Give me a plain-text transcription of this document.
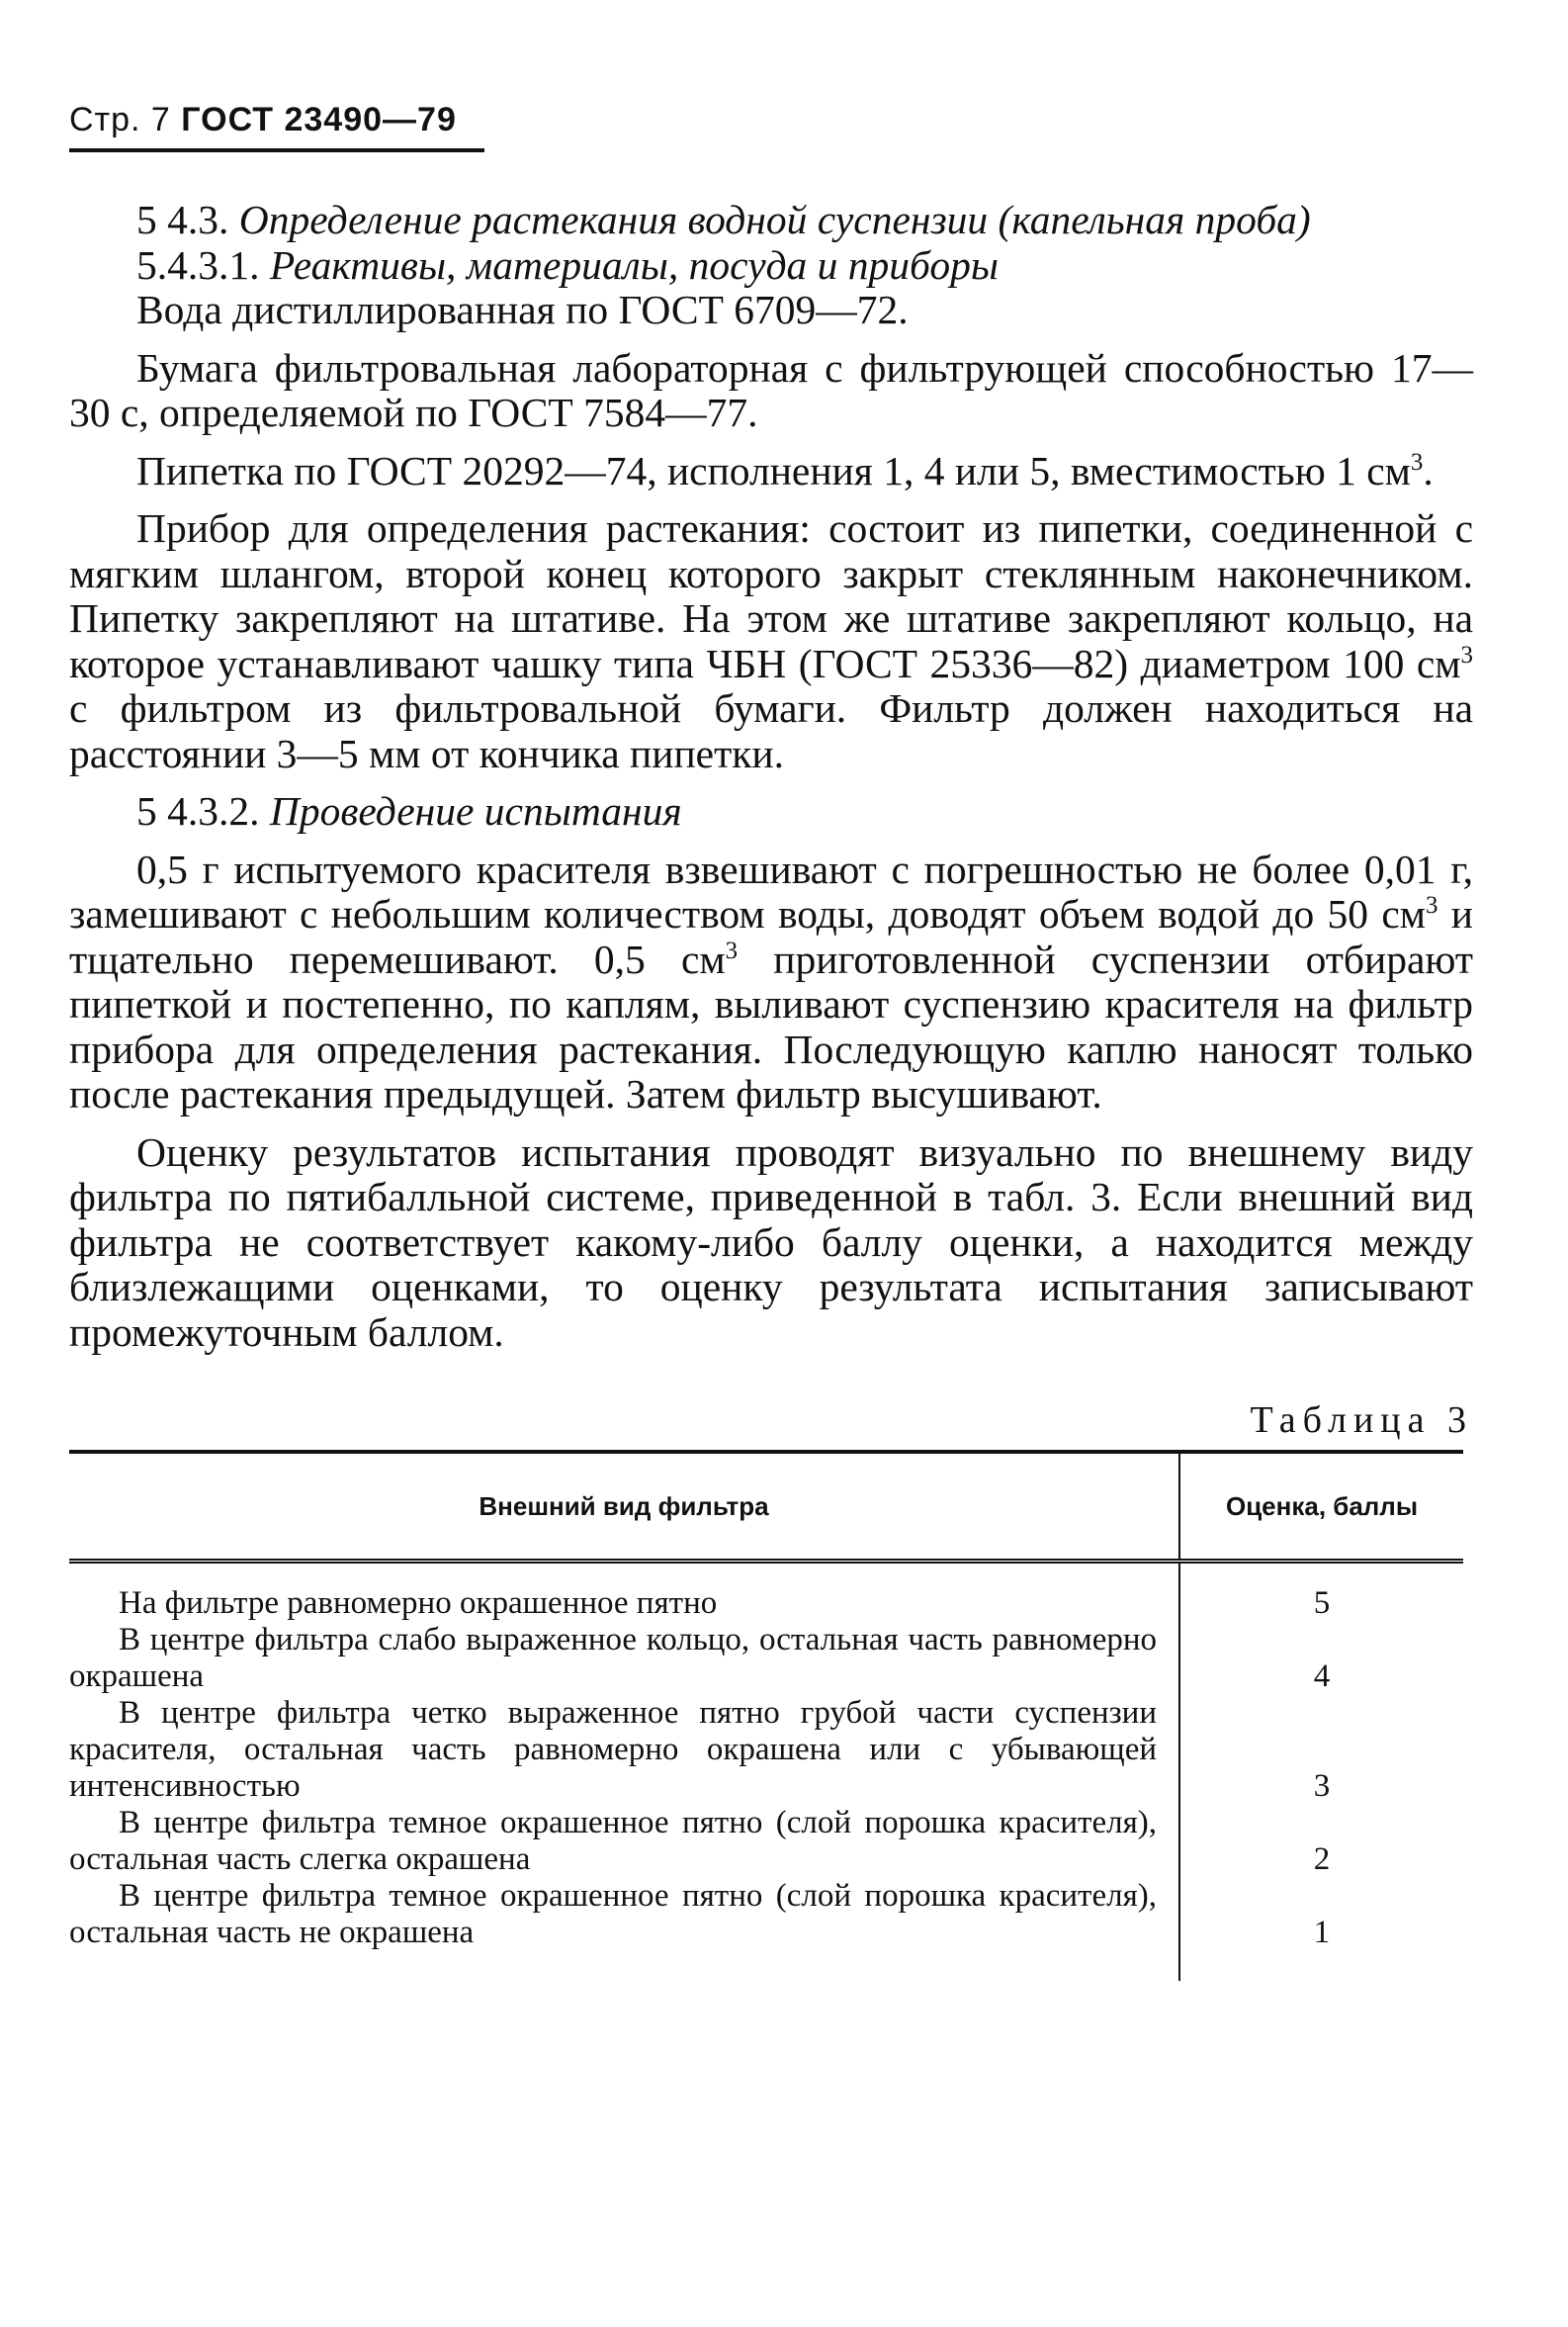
Стр. 7 ГОСТ 23490—79

5 4.3. Определение растекания водной суспензии (капельная проба)

5.4.3.1. Реактивы, материалы, посуда и приборы

Вода дистиллированная по ГОСТ 6709—72.

Бумага фильтровальная лабораторная с фильтрующей способностью 17—30 с, определяемой по ГОСТ 7584—77.

Пипетка по ГОСТ 20292—74, исполнения 1, 4 или 5, вместимостью 1 $см^3$.

Прибор для определения растекания: состоит из пипетки, соединенной с мягким шлангом, второй конец которого закрыт стеклянным наконечником. Пипетку закрепляют на штативе. На этом же штативе закрепляют кольцо, на которое устанавливают чашку типа ЧБН (ГОСТ 25336—82) диаметром 100 $см^3$ с фильтром из фильтровальной бумаги. Фильтр должен находиться на расстоянии 3—5 мм от кончика пипетки.

5 4.3.2. Проведение испытания

0,5 г испытуемого красителя взвешивают с погрешностью не более 0,01 г, замешивают с небольшим количеством воды, доводят объем водой до 50 $см^3$ и тщательно перемешивают. 0,5 $см^3$ приготовленной суспензии отбирают пипеткой и постепенно, по каплям, выливают суспензию красителя на фильтр прибора для определения растекания. Последующую каплю наносят только после растекания предыдущей. Затем фильтр высушивают.

Оценку результатов испытания проводят визуально по внешнему виду фильтра по пятибалльной системе, приведенной в табл. 3. Если внешний вид фильтра не соответствует какому-либо баллу оценки, а находится между близлежащими оценками, то оценку результата испытания записывают промежуточным баллом.

Таблица 3
Внешний вид фильтра	Оценка, баллы

На фильтре равномерно окрашенное пятно	5

В центре фильтра слабо выраженное кольцо, остальная часть равномерно окрашена	4

В центре фильтра четко выраженное пятно грубой части суспензии красителя, остальная часть равномерно окрашена или с убывающей интенсивностью	3

В центре фильтра темное окрашенное пятно (слой порошка красителя), остальная часть слегка окрашена	2

В центре фильтра темное окрашенное пятно (слой порошка красителя), остальная часть не окрашена	1
